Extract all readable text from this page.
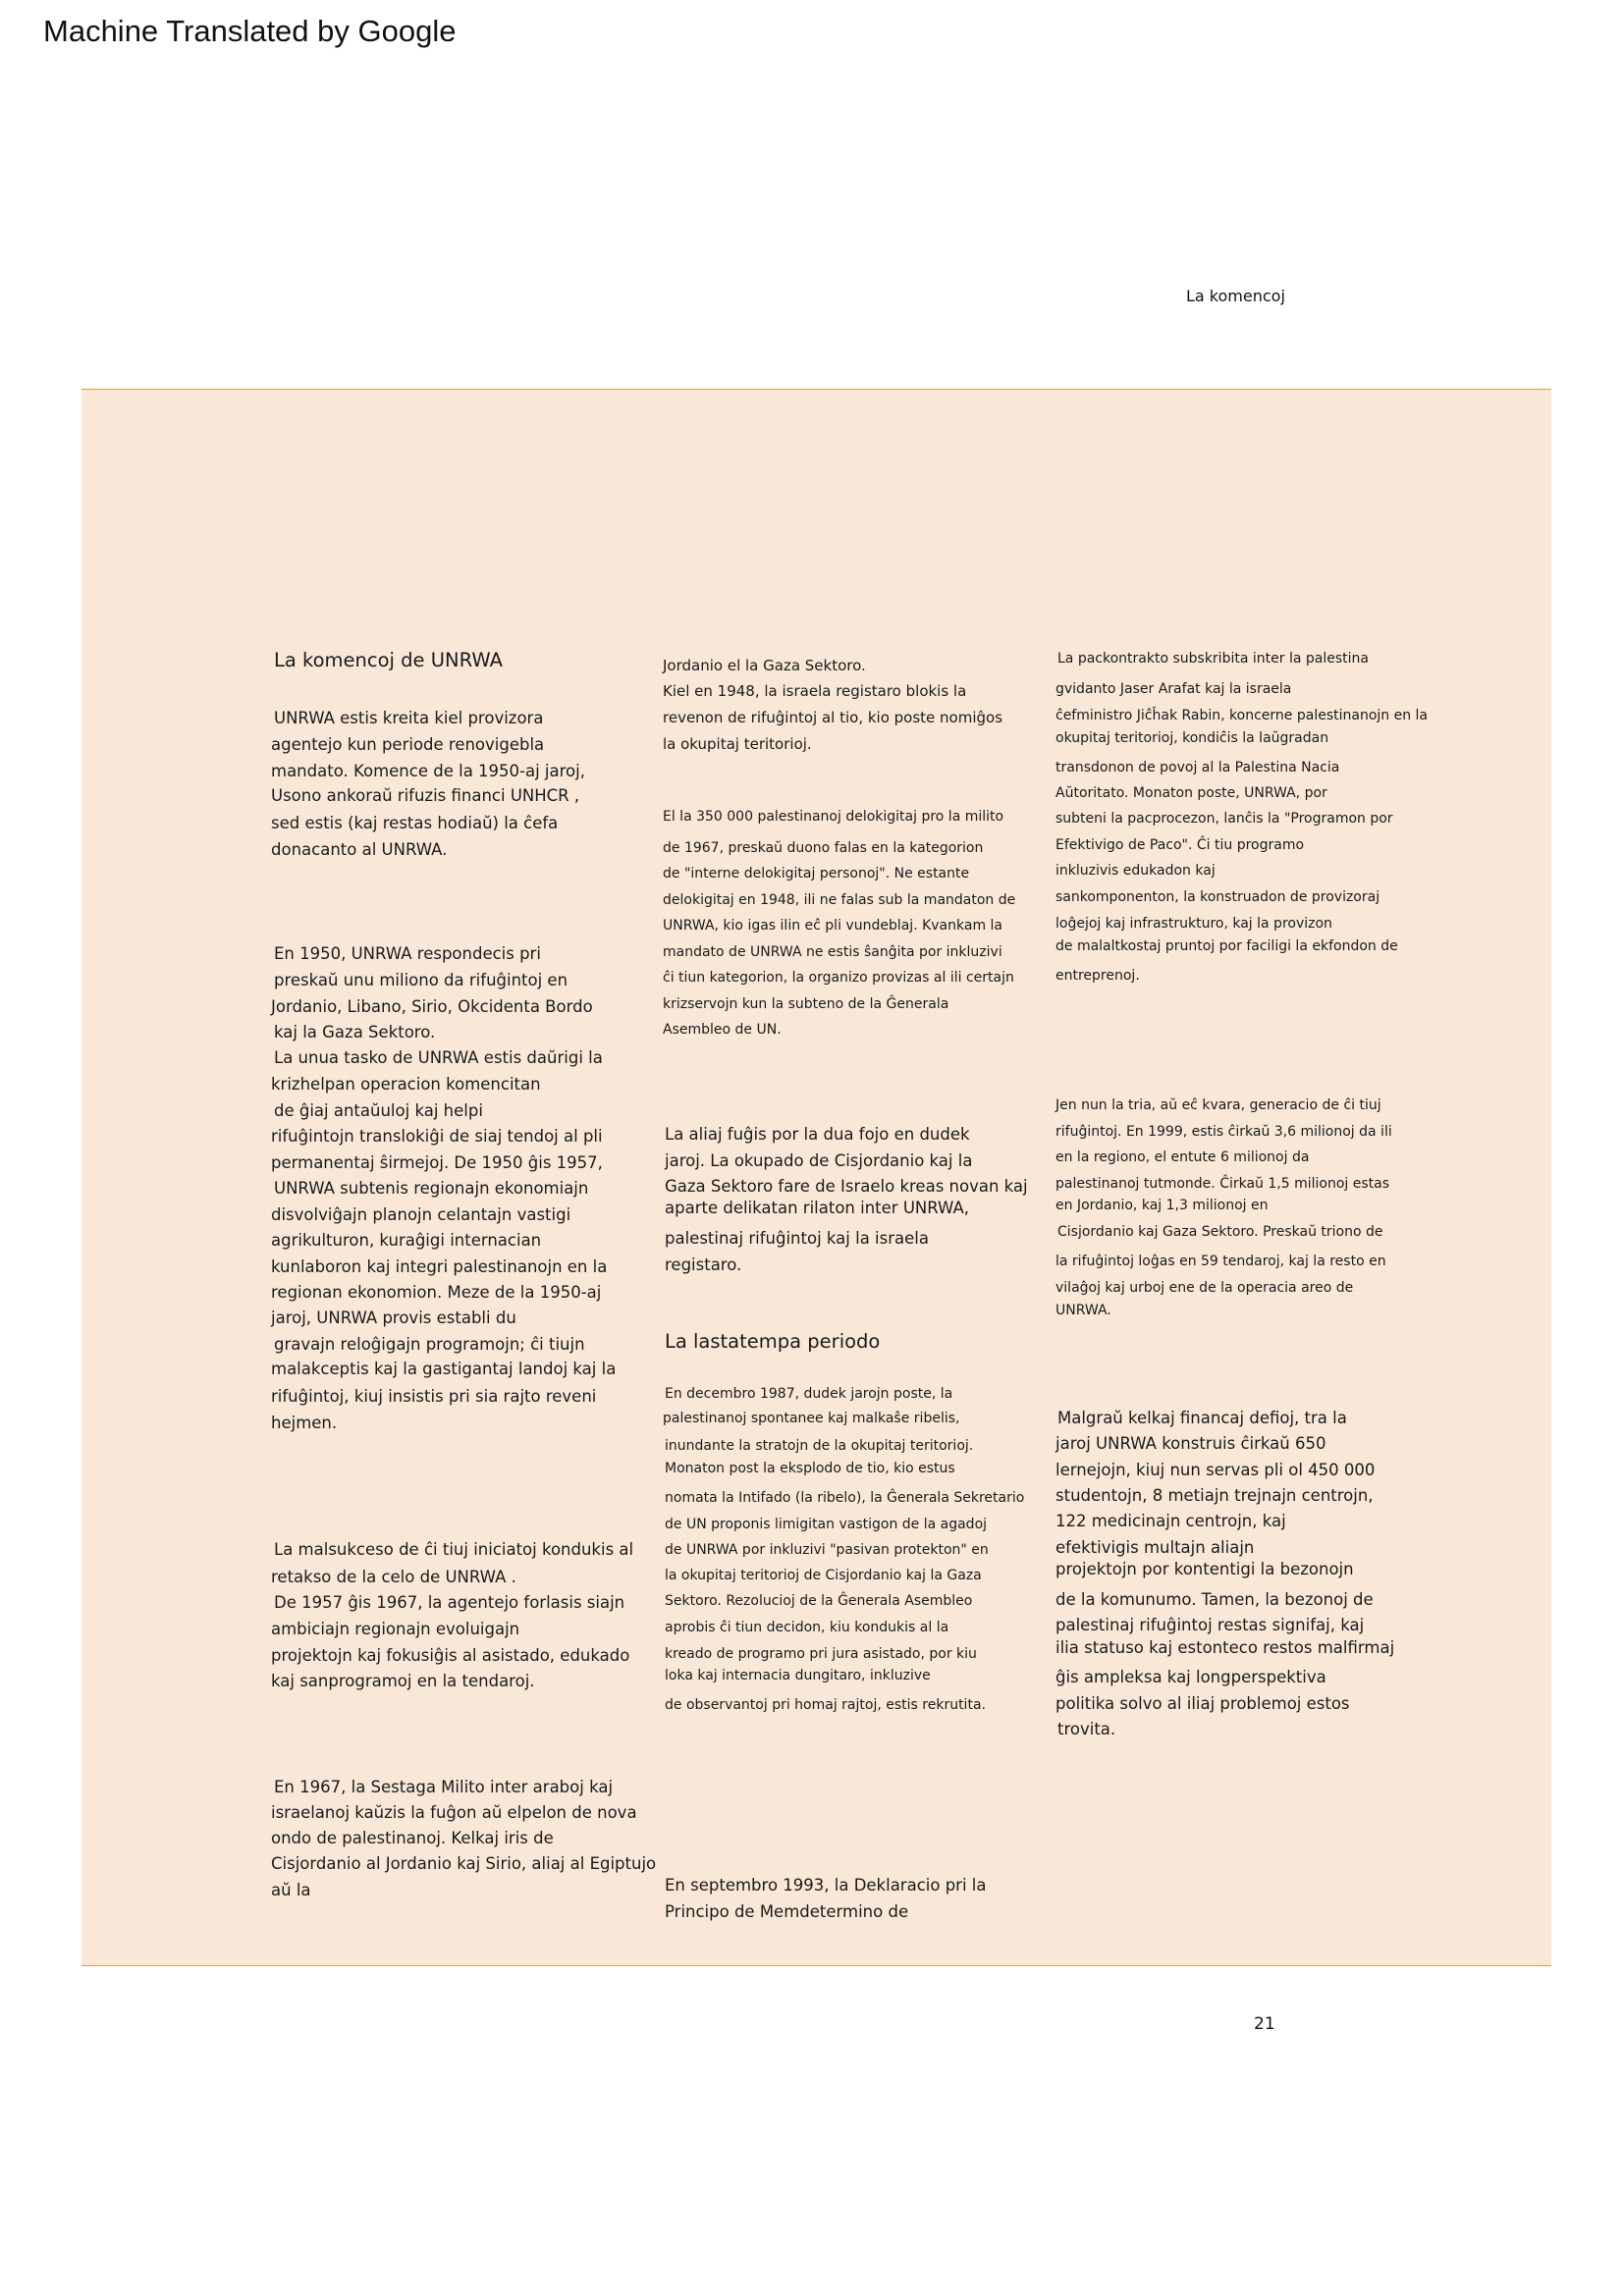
Machine Translated by Google
La komencoj
La komencoj de UNRWA
UNRWA estis kreita kiel provizora
agentejo kun periode renovigebla
mandato. Komence de la 1950-aj jaroj,
Usono ankoraŭ rifuzis financi UNHCR ,
sed estis (kaj restas hodiaŭ) la ĉefa
donacanto al UNRWA.
En 1950, UNRWA respondecis pri
preskaŭ unu miliono da rifuĝintoj en
Jordanio, Libano, Sirio, Okcidenta Bordo
kaj la Gaza Sektoro.
La unua tasko de UNRWA estis daŭrigi la
krizhelpan operacion komencitan
de ĝiaj antaŭuloj kaj helpi
rifuĝintojn translokiĝi de siaj tendoj al pli
permanentaj ŝirmejoj. De 1950 ĝis 1957,
UNRWA subtenis regionajn ekonomiajn
disvolviĝajn planojn celantajn vastigi
agrikulturon, kuraĝigi internacian
kunlaboron kaj integri palestinanojn en la
regionan ekonomion. Meze de la 1950-aj
jaroj, UNRWA provis establi du
gravajn reloĝigajn programojn; ĉi tiujn
malakceptis kaj la gastigantaj landoj kaj la
rifuĝintoj, kiuj insistis pri sia rajto reveni
hejmen.
La malsukceso de ĉi tiuj iniciatoj kondukis al
retakso de la celo de UNRWA .
De 1957 ĝis 1967, la agentejo forlasis siajn
ambiciajn regionajn evoluigajn
projektojn kaj fokusiĝis al asistado, edukado
kaj sanprogramoj en la tendaroj.
En 1967, la Sestaga Milito inter araboj kaj
israelanoj kaŭzis la fuĝon aŭ elpelon de nova
ondo de palestinanoj. Kelkaj iris de
Cisjordanio al Jordanio kaj Sirio, aliaj al Egiptujo
aŭ la
Jordanio el la Gaza Sektoro.
Kiel en 1948, la israela registaro blokis la
revenon de rifuĝintoj al tio, kio poste nomiĝos
la okupitaj teritorioj.
El la 350 000 palestinanoj delokigitaj pro la milito
de 1967, preskaŭ duono falas en la kategorion
de "interne delokigitaj personoj". Ne estante
delokigitaj en 1948, ili ne falas sub la mandaton de
UNRWA, kio igas ilin eĉ pli vundeblaj. Kvankam la
mandato de UNRWA ne estis ŝanĝita por inkluzivi
ĉi tiun kategorion, la organizo provizas al ili certajn
krizservojn kun la subteno de la Ĝenerala
Asembleo de UN.
La aliaj fuĝis por la dua fojo en dudek
jaroj. La okupado de Cisjordanio kaj la
Gaza Sektoro fare de Israelo kreas novan kaj
aparte delikatan rilaton inter UNRWA,
palestinaj rifuĝintoj kaj la israela
registaro.
La lastatempa periodo
En decembro 1987, dudek jarojn poste, la
palestinanoj spontanee kaj malkaŝe ribelis,
inundante la stratojn de la okupitaj teritorioj.
Monaton post la eksplodo de tio, kio estus
nomata la Intifado (la ribelo), la Ĝenerala Sekretario
de UN proponis limigitan vastigon de la agadoj
de UNRWA por inkluzivi "pasivan protekton" en
la okupitaj teritorioj de Cisjordanio kaj la Gaza
Sektoro. Rezolucioj de la Ĝenerala Asembleo
aprobis ĉi tiun decidon, kiu kondukis al la
kreado de programo pri jura asistado, por kiu
loka kaj internacia dungitaro, inkluzive
de observantoj pri homaj rajtoj, estis rekrutita.
En septembro 1993, la Deklaracio pri la
Principo de Memdetermino de
La packontrakto subskribita inter la palestina
gvidanto Jaser Arafat kaj la israela
ĉefministro Jiĉĥak Rabin, koncerne palestinanojn en la
okupitaj teritorioj, kondiĉis la laŭgradan
transdonon de povoj al la Palestina Nacia
Aŭtoritato. Monaton poste, UNRWA, por
subteni la pacprocezon, lanĉis la "Programon por
Efektivigo de Paco". Ĉi tiu programo
inkluzivis edukadon kaj
sankomponenton, la konstruadon de provizoraj
loĝejoj kaj infrastrukturo, kaj la provizon
de malaltkostaj pruntoj por faciligi la ekfondon de
entreprenoj.
Jen nun la tria, aŭ eĉ kvara, generacio de ĉi tiuj
rifuĝintoj. En 1999, estis ĉirkaŭ 3,6 milionoj da ili
en la regiono, el entute 6 milionoj da
palestinanoj tutmonde. Ĉirkaŭ 1,5 milionoj estas
en Jordanio, kaj 1,3 milionoj en
Cisjordanio kaj Gaza Sektoro. Preskaŭ triono de
la rifuĝintoj loĝas en 59 tendaroj, kaj la resto en
vilaĝoj kaj urboj ene de la operacia areo de
UNRWA.
Malgraŭ kelkaj financaj defioj, tra la
jaroj UNRWA konstruis ĉirkaŭ 650
lernejojn, kiuj nun servas pli ol 450 000
studentojn, 8 metiajn trejnajn centrojn,
122 medicinajn centrojn, kaj
efektivigis multajn aliajn
projektojn por kontentigi la bezonojn
de la komunumo. Tamen, la bezonoj de
palestinaj rifuĝintoj restas signifaj, kaj
ilia statuso kaj estonteco restos malfirmaj
ĝis ampleksa kaj longperspektiva
politika solvo al iliaj problemoj estos
trovita.
21
